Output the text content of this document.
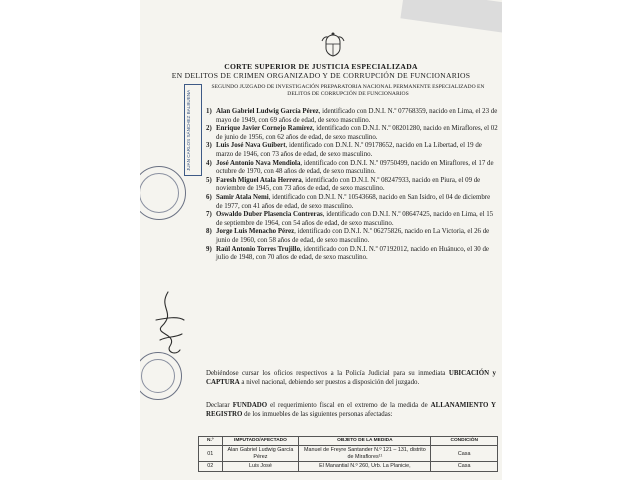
CORTE SUPERIOR DE JUSTICIA ESPECIALIZADA
EN DELITOS DE CRIMEN ORGANIZADO Y DE CORRUPCIÓN DE FUNCIONARIOS
SEGUNDO JUZGADO DE INVESTIGACIÓN PREPARATORIA NACIONAL PERMANENTE ESPECIALIZADO EN
DELITOS DE CORRUPCIÓN DE FUNCIONARIOS
JUAN CARLOS SÁNCHEZ BALBUENA	1) Alan Gabriel Ludwig García Pérez, identificado con D.N.I. N.º 07768359, nacido en Lima, el 23 de mayo de 1949, con 69 años de edad, de sexo masculino.
2) Enrique Javier Cornejo Ramírez, identificado con D.N.I. N.º 08201280, nacido en Miraflores, el 02 de junio de 1956, con 62 años de edad, de sexo masculino.
3) Luis José Nava Guibert, identificado con D.N.I. N.º 09178652, nacido en La Libertad, el 19 de marzo de 1946, con 73 años de edad, de sexo masculino.
4) José Antonio Nava Mendiola, identificado con D.N.I. N.º 09750499, nacido en Miraflores, el 17 de octubre de 1970, con 48 años de edad, de sexo masculino.
5) Faresh Miguel Atala Herrera, identificado con D.N.I. N.º 08247933, nacido en Piura, el 09 de noviembre de 1945, con 73 años de edad, de sexo masculino.
6) Samir Atala Nemi, identificado con D.N.I. N.º 10543668, nacido en San Isidro, el 04 de diciembre de 1977, con 41 años de edad, de sexo masculino.
7) Oswaldo Duber Plasencia Contreras, identificado con D.N.I. N.º 08647425, nacido en Lima, el 15 de septiembre de 1964, con 54 años de edad, de sexo masculino.
8) Jorge Luis Menacho Pérez, identificado con D.N.I. N.º 06275826, nacido en La Victoria, el 26 de junio de 1960, con 58 años de edad, de sexo masculino.
9) Raúl Antonio Torres Trujillo, identificado con D.N.I. N.º 07192012, nacido en Huánuco, el 30 de julio de 1948, con 70 años de edad, de sexo masculino.
Debiéndose cursar los oficios respectivos a la Policía Judicial para su inmediata UBICACIÓN y CAPTURA a nivel nacional, debiendo ser puestos a disposición del juzgado.
Declarar FUNDADO el requerimiento fiscal en el extremo de la medida de ALLANAMIENTO Y REGISTRO de los inmuebles de las siguientes personas afectadas:
N.º	IMPUTADO/AFECTADO	OBJETO DE LA MEDIDA	CONDICIÓN
01	Alan Gabriel Ludwig García Pérez	Manuel de Freyre Santander N.º 121 – 131, distrito de Miraflores¹¹	Casa
02	Luis José	El Manantial N.º 260, Urb. La Planicie,	Casa
